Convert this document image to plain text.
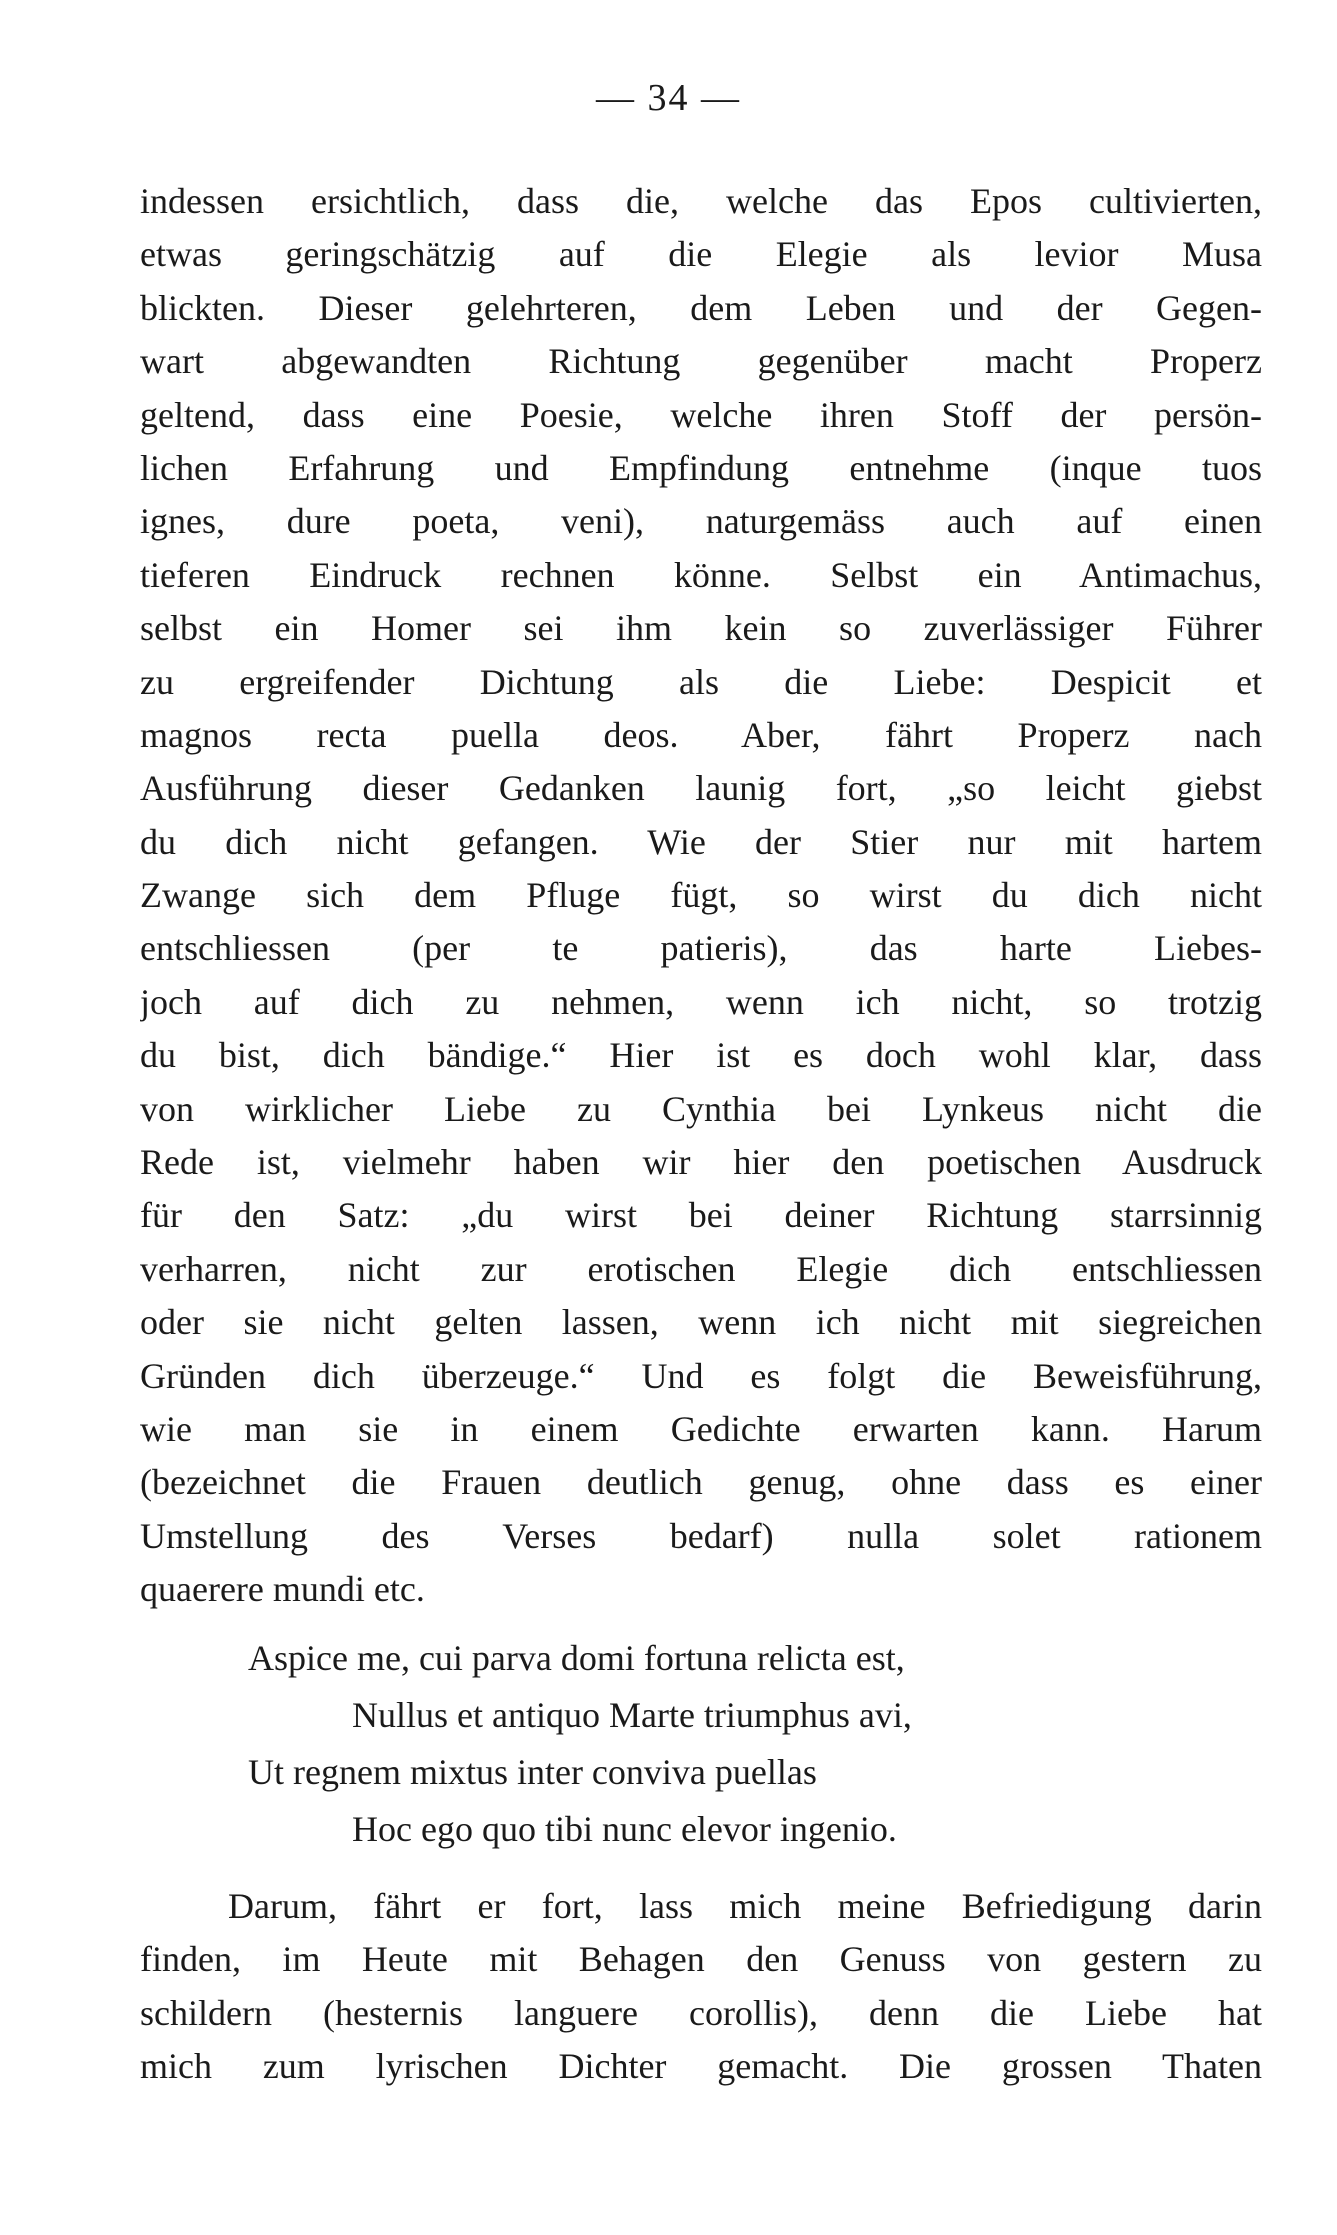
— 34 —
indessen ersichtlich, dass die, welche das Epos cultivierten,
etwas geringschätzig auf die Elegie als levior Musa
blickten. Dieser gelehrteren, dem Leben und der Gegen-
wart abgewandten Richtung gegenüber macht Properz
geltend, dass eine Poesie, welche ihren Stoff der persön-
lichen Erfahrung und Empfindung entnehme (inque tuos
ignes, dure poeta, veni), naturgemäss auch auf einen
tieferen Eindruck rechnen könne. Selbst ein Antimachus,
selbst ein Homer sei ihm kein so zuverlässiger Führer
zu ergreifender Dichtung als die Liebe: Despicit et
magnos recta puella deos. Aber, fährt Properz nach
Ausführung dieser Gedanken launig fort, „so leicht giebst
du dich nicht gefangen. Wie der Stier nur mit hartem
Zwange sich dem Pfluge fügt, so wirst du dich nicht
entschliessen (per te patieris), das harte Liebes-
joch auf dich zu nehmen, wenn ich nicht, so trotzig
du bist, dich bändige.“ Hier ist es doch wohl klar, dass
von wirklicher Liebe zu Cynthia bei Lynkeus nicht die
Rede ist, vielmehr haben wir hier den poetischen Ausdruck
für den Satz: „du wirst bei deiner Richtung starrsinnig
verharren, nicht zur erotischen Elegie dich entschliessen
oder sie nicht gelten lassen, wenn ich nicht mit siegreichen
Gründen dich überzeuge.“ Und es folgt die Beweisführung,
wie man sie in einem Gedichte erwarten kann. Harum
(bezeichnet die Frauen deutlich genug, ohne dass es einer
Umstellung des Verses bedarf) nulla solet rationem
quaerere mundi etc.
Aspice me, cui parva domi fortuna relicta est,
Nullus et antiquo Marte triumphus avi,
Ut regnem mixtus inter conviva puellas
Hoc ego quo tibi nunc elevor ingenio.
Darum, fährt er fort, lass mich meine Befriedigung darin
finden, im Heute mit Behagen den Genuss von gestern zu
schildern (hesternis languere corollis), denn die Liebe hat
mich zum lyrischen Dichter gemacht. Die grossen Thaten
